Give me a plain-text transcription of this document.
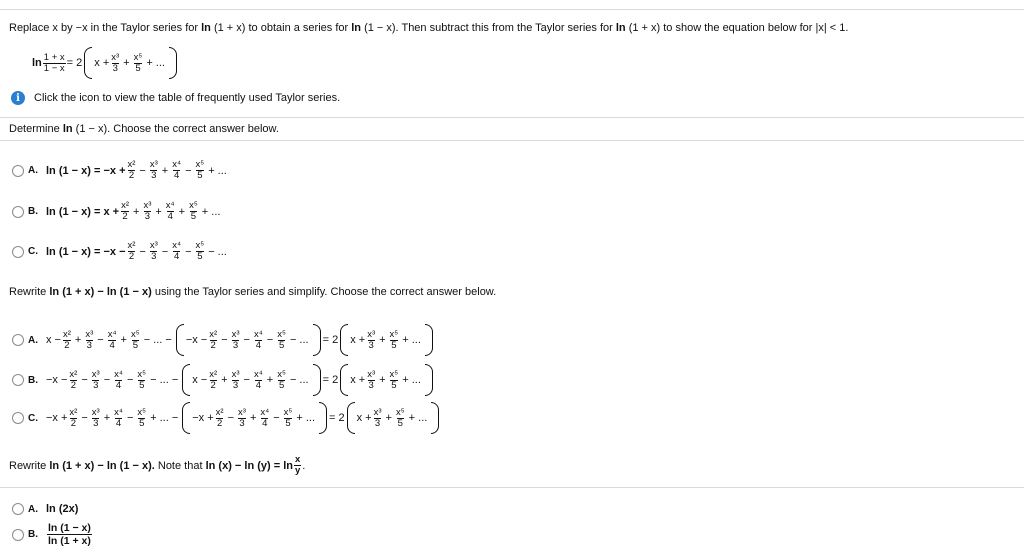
Replace x by −x in the Taylor series for ln (1 + x) to obtain a series for ln (1 − x). Then subtract this from the Taylor series for ln (1 + x) to show the equation below for |x| < 1.
$\ln \frac{1 + x}{1 - x} = 2$ $x + \frac{\text{x³}}{3} + \frac{\text{x⁵}}{5}$ + ...
i	Click the icon to view the table of frequently used Taylor series.
Determine ln (1 − x). Choose the correct answer below.
A. $\ln (1 - x) = -x + \frac{\text{x²}}{2} - \frac{\text{x³}}{3} + \frac{\text{x⁴}}{4} - \frac{\text{x⁵}}{5}$ + ...
B. $\ln (1 - x) = x + \frac{\text{x²}}{2} + \frac{\text{x³}}{3} + \frac{\text{x⁴}}{4} + \frac{\text{x⁵}}{5}$ + ...
C. $\ln (1 - x) = -x - \frac{\text{x²}}{2} - \frac{\text{x³}}{3} - \frac{\text{x⁴}}{4} - \frac{\text{x⁵}}{5}$ − ...
A. $x - \frac{\text{x²}}{2} + \frac{\text{x³}}{3} - \frac{\text{x⁴}}{4} + \frac{\text{x⁵}}{5}$ − ... − $-x - \frac{\text{x²}}{2} - \frac{\text{x³}}{3} - \frac{\text{x⁴}}{4} - \frac{\text{x⁵}}{5}$ − ... = 2 $x + \frac{\text{x³}}{3} + \frac{\text{x⁵}}{5}$ + ...
B. $-x - \frac{\text{x²}}{2} - \frac{\text{x³}}{3} - \frac{\text{x⁴}}{4} - \frac{\text{x⁵}}{5}$ − ... − $x - \frac{\text{x²}}{2} + \frac{\text{x³}}{3} - \frac{\text{x⁴}}{4} + \frac{\text{x⁵}}{5}$ − ... = 2 $x + \frac{\text{x³}}{3} + \frac{\text{x⁵}}{5}$ + ...
C. $-x + \frac{\text{x²}}{2} - \frac{\text{x³}}{3} + \frac{\text{x⁴}}{4} - \frac{\text{x⁵}}{5}$ + ... − $-x + \frac{\text{x²}}{2} - \frac{\text{x³}}{3} + \frac{\text{x⁴}}{4} - \frac{\text{x⁵}}{5}$ + ... = 2 $x + \frac{\text{x³}}{3} + \frac{\text{x⁵}}{5}$ + ...
Rewrite ln (1 + x) − ln (1 − x) using the Taylor series and simplify. Choose the correct answer below.
Rewrite
ln (1 + x) − ln (1 − x).
Note that
$\ln (x) - \ln (y) = \ln \frac{x}{y}$ .
A. ln (2x)
B. $\frac{\ln (1 - x)}{\ln (1 + x)}$
